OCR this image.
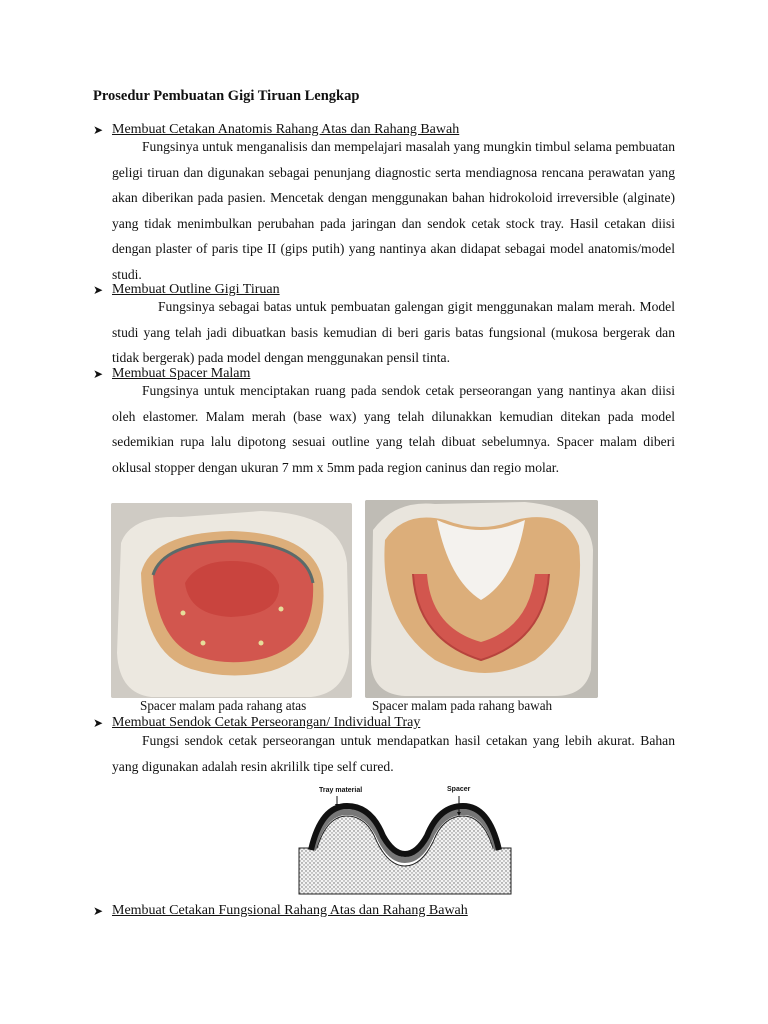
Prosedur Pembuatan Gigi Tiruan Lengkap
➤ Membuat Cetakan Anatomis Rahang Atas dan Rahang Bawah
Fungsinya untuk menganalisis dan mempelajari masalah yang mungkin timbul selama pembuatan geligi tiruan dan digunakan sebagai penunjang diagnostic serta mendiagnosa rencana perawatan yang akan diberikan pada pasien. Mencetak dengan menggunakan bahan hidrokoloid irreversible (alginate) yang tidak menimbulkan perubahan pada jaringan dan sendok cetak stock tray. Hasil cetakan diisi dengan plaster of paris tipe II (gips putih) yang nantinya akan didapat sebagai model anatomis/model studi.
➤ Membuat Outline Gigi Tiruan
Fungsinya sebagai batas untuk pembuatan galengan gigit menggunakan malam merah. Model studi yang telah jadi dibuatkan basis kemudian di beri garis batas fungsional (mukosa bergerak dan tidak bergerak) pada model dengan menggunakan pensil tinta.
➤ Membuat Spacer Malam
Fungsinya untuk menciptakan ruang pada sendok cetak perseorangan yang nantinya akan diisi oleh elastomer. Malam merah (base wax) yang telah dilunakkan kemudian ditekan pada model sedemikian rupa lalu dipotong sesuai outline yang telah dibuat sebelumnya. Spacer malam diberi oklusal stopper dengan ukuran 7 mm x 5mm pada region caninus dan regio molar.
Spacer malam pada rahang atas	Spacer malam pada rahang bawah
➤ Membuat Sendok Cetak Perseorangan/ Individual Tray
Fungsi sendok cetak perseorangan untuk mendapatkan hasil cetakan yang lebih akurat. Bahan yang digunakan adalah resin akrililk tipe self cured.
Tray material	Spacer
➤ Membuat Cetakan Fungsional Rahang Atas dan Rahang Bawah
